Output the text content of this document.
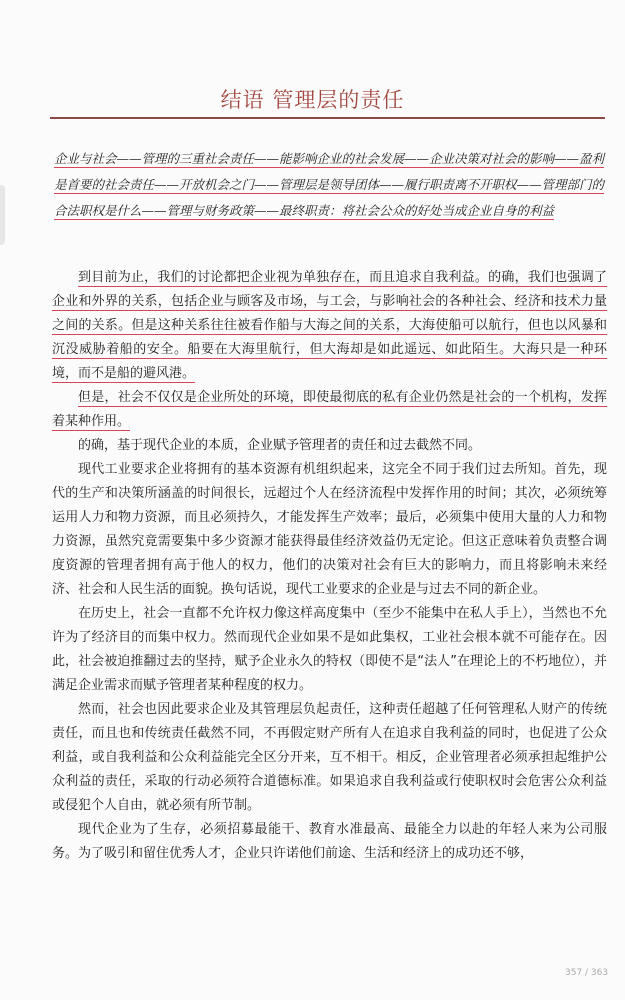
结语 管理层的责任

企业与社会——管理的三重社会责任——能影响企业的社会发展——企业决策对社会的影响——盈利是首要的社会责任——开放机会之门——管理层是领导团体——履行职责离不开职权——管理部门的合法职权是什么——管理与财务政策——最终职责：将社会公众的好处当成企业自身的利益

到目前为止，我们的讨论都把企业视为单独存在，而且追求自我利益。的确，我们也强调了企业和外界的关系，包括企业与顾客及市场，与工会，与影响社会的各种社会、经济和技术力量之间的关系。但是这种关系往往被看作船与大海之间的关系，大海使船可以航行，但也以风暴和沉没威胁着船的安全。船要在大海里航行，但大海却是如此遥远、如此陌生。大海只是一种环境，而不是船的避风港。

但是，社会不仅仅是企业所处的环境，即使最彻底的私有企业仍然是社会的一个机构，发挥着某种作用。

的确，基于现代企业的本质，企业赋予管理者的责任和过去截然不同。

现代工业要求企业将拥有的基本资源有机组织起来，这完全不同于我们过去所知。首先，现代的生产和决策所涵盖的时间很长，远超过个人在经济流程中发挥作用的时间；其次，必须统筹运用人力和物力资源，而且必须持久，才能发挥生产效率；最后，必须集中使用大量的人力和物力资源，虽然究竟需要集中多少资源才能获得最佳经济效益仍无定论。但这正意味着负责整合调度资源的管理者拥有高于他人的权力，他们的决策对社会有巨大的影响力，而且将影响未来经济、社会和人民生活的面貌。换句话说，现代工业要求的企业是与过去不同的新企业。

在历史上，社会一直都不允许权力像这样高度集中（至少不能集中在私人手上），当然也不允许为了经济目的而集中权力。然而现代企业如果不是如此集权，工业社会根本就不可能存在。因此，社会被迫推翻过去的坚持，赋予企业永久的特权（即使不是“法人”在理论上的不朽地位），并满足企业需求而赋予管理者某种程度的权力。

然而，社会也因此要求企业及其管理层负起责任，这种责任超越了任何管理私人财产的传统责任，而且也和传统责任截然不同，不再假定财产所有人在追求自我利益的同时，也促进了公众利益，或自我利益和公众利益能完全区分开来，互不相干。相反，企业管理者必须承担起维护公众利益的责任，采取的行动必须符合道德标准。如果追求自我利益或行使职权时会危害公众利益或侵犯个人自由，就必须有所节制。

现代企业为了生存，必须招募最能干、教育水准最高、最能全力以赴的年轻人来为公司服务。为了吸引和留住优秀人才，企业只许诺他们前途、生活和经济上的成功还不够，

357 / 363
